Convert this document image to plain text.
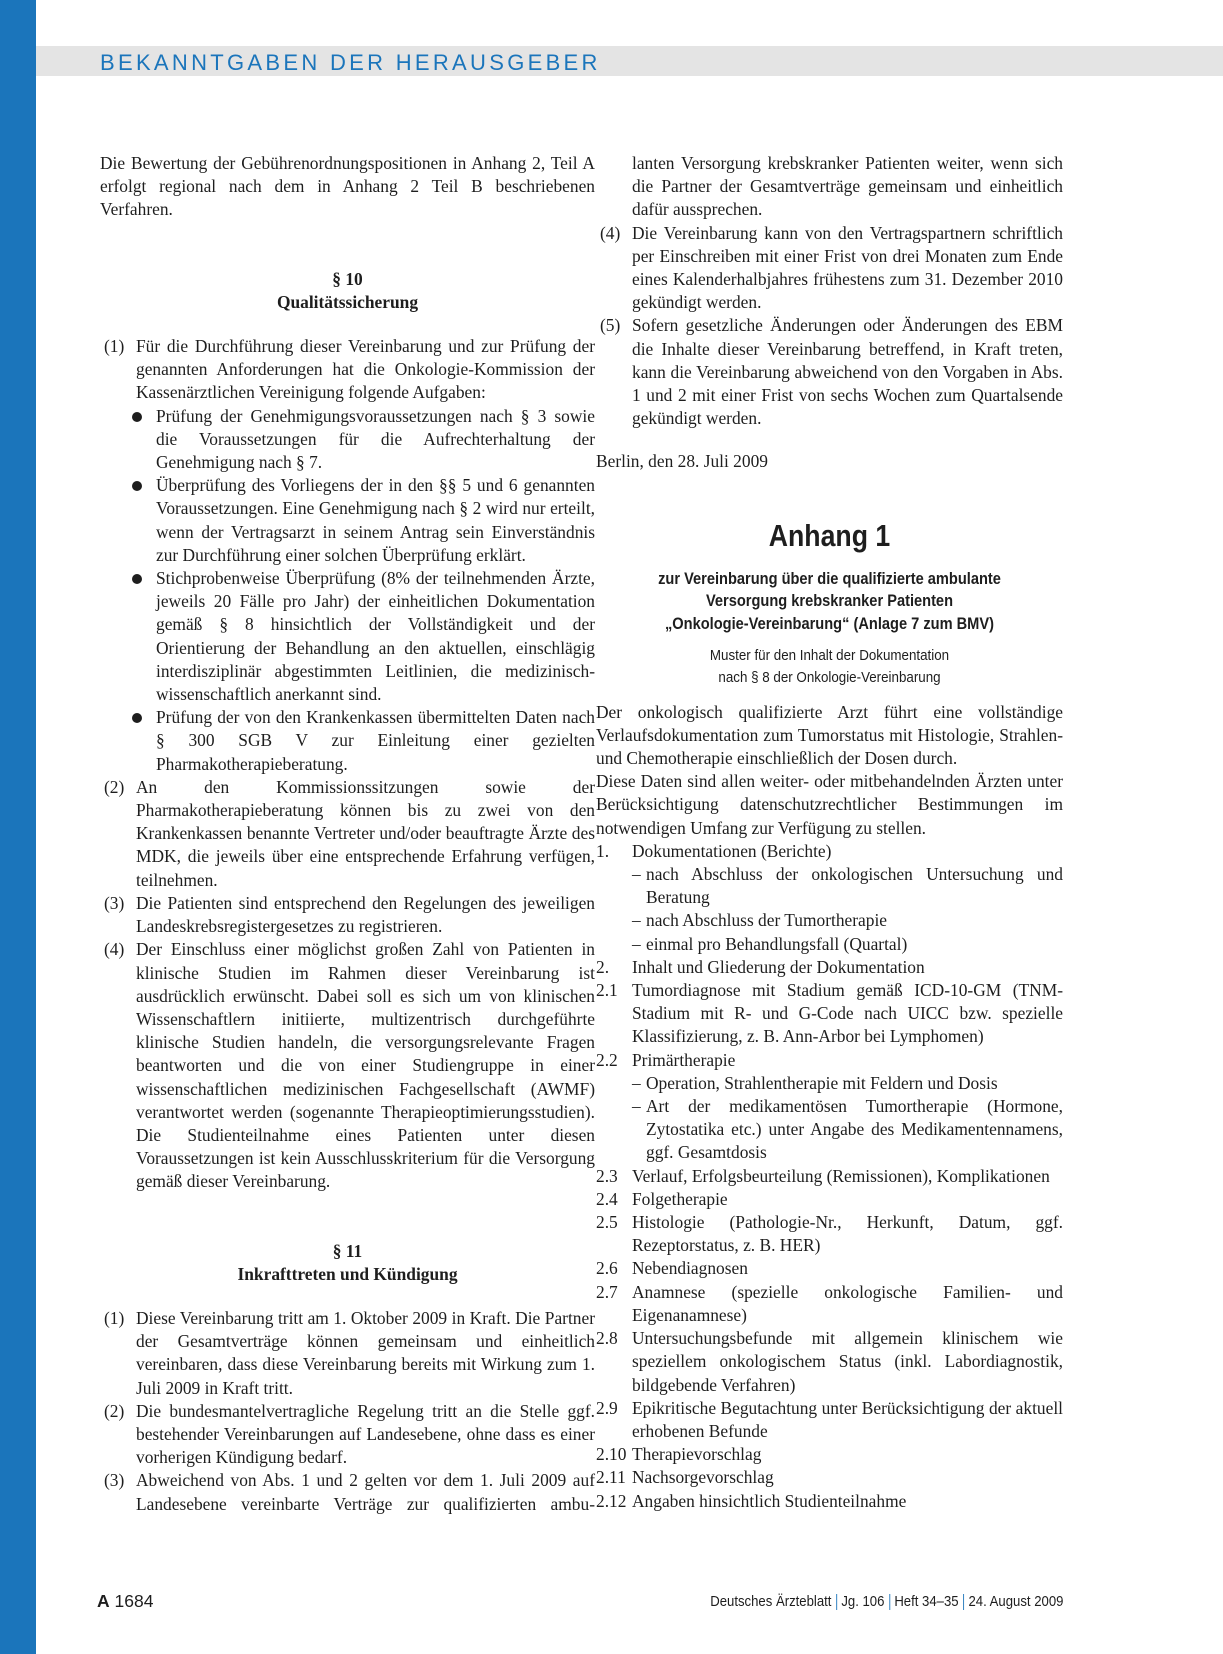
BEKANNTGABEN DER HERAUSGEBER

Die Bewertung der Gebührenordnungspositionen in Anhang 2, Teil A erfolgt regional nach dem in Anhang 2 Teil B beschriebenen Verfahren.

§ 10

Qualitätssicherung

(1) Für die Durchführung dieser Vereinbarung und zur Prüfung der genannten Anforderungen hat die Onkologie-Kommission der Kassenärztlichen Vereinigung folgende Aufgaben:

Prüfung der Genehmigungsvoraussetzungen nach § 3 sowie die Voraussetzungen für die Aufrechterhaltung der Genehmigung nach § 7.

Überprüfung des Vorliegens der in den §§ 5 und 6 genannten Voraussetzungen. Eine Genehmigung nach § 2 wird nur erteilt, wenn der Vertragsarzt in seinem Antrag sein Einverständnis zur Durchführung einer solchen Überprüfung erklärt.

Stichprobenweise Überprüfung (8% der teilnehmenden Ärzte, jeweils 20 Fälle pro Jahr) der einheitlichen Dokumentation gemäß § 8 hinsichtlich der Vollständigkeit und der Orientierung der Behandlung an den aktuellen, einschlägig interdisziplinär abgestimmten Leitlinien, die medizinisch-wissenschaftlich anerkannt sind.

Prüfung der von den Krankenkassen übermittelten Daten nach § 300 SGB V zur Einleitung einer gezielten Pharmakotherapieberatung.

(2) An den Kommissionssitzungen sowie der Pharmakotherapieberatung können bis zu zwei von den Krankenkassen benannte Vertreter und/oder beauftragte Ärzte des MDK, die jeweils über eine entsprechende Erfahrung verfügen, teilnehmen.

(3) Die Patienten sind entsprechend den Regelungen des jeweiligen Landeskrebsregistergesetzes zu registrieren.

(4) Der Einschluss einer möglichst großen Zahl von Patienten in klinische Studien im Rahmen dieser Vereinbarung ist ausdrücklich erwünscht. Dabei soll es sich um von klinischen Wissenschaftlern initiierte, multizentrisch durchgeführte klinische Studien handeln, die versorgungsrelevante Fragen beantworten und die von einer Studiengruppe in einer wissenschaftlichen medizinischen Fachgesellschaft (AWMF) verantwortet werden (sogenannte Therapieoptimierungsstudien). Die Studienteilnahme eines Patienten unter diesen Voraussetzungen ist kein Ausschlusskriterium für die Versorgung gemäß dieser Vereinbarung.

§ 11

Inkrafttreten und Kündigung

(1) Diese Vereinbarung tritt am 1. Oktober 2009 in Kraft. Die Partner der Gesamtverträge können gemeinsam und einheitlich vereinbaren, dass diese Vereinbarung bereits mit Wirkung zum 1. Juli 2009 in Kraft tritt.

(2) Die bundesmantelvertragliche Regelung tritt an die Stelle ggf. bestehender Vereinbarungen auf Landesebene, ohne dass es einer vorherigen Kündigung bedarf.

(3) Abweichend von Abs. 1 und 2 gelten vor dem 1. Juli 2009 auf Landesebene vereinbarte Verträge zur qualifizierten ambu-

lanten Versorgung krebskranker Patienten weiter, wenn sich die Partner der Gesamtverträge gemeinsam und einheitlich dafür aussprechen.

(4) Die Vereinbarung kann von den Vertragspartnern schriftlich per Einschreiben mit einer Frist von drei Monaten zum Ende eines Kalenderhalbjahres frühestens zum 31. Dezember 2010 gekündigt werden.

(5) Sofern gesetzliche Änderungen oder Änderungen des EBM die Inhalte dieser Vereinbarung betreffend, in Kraft treten, kann die Vereinbarung abweichend von den Vorgaben in Abs. 1 und 2 mit einer Frist von sechs Wochen zum Quartalsende gekündigt werden.

Berlin, den 28. Juli 2009

Anhang 1

zur Vereinbarung über die qualifizierte ambulante

Versorgung krebskranker Patienten

„Onkologie-Vereinbarung“ (Anlage 7 zum BMV)

Muster für den Inhalt der Dokumentation

nach § 8 der Onkologie-Vereinbarung

Der onkologisch qualifizierte Arzt führt eine vollständige Verlaufsdokumentation zum Tumorstatus mit Histologie, Strahlen- und Chemotherapie einschließlich der Dosen durch.

Diese Daten sind allen weiter- oder mitbehandelnden Ärzten unter Berücksichtigung datenschutzrechtlicher Bestimmungen im notwendigen Umfang zur Verfügung zu stellen.

1. Dokumentationen (Berichte)

– nach Abschluss der onkologischen Untersuchung und Beratung

– nach Abschluss der Tumortherapie

– einmal pro Behandlungsfall (Quartal)

2. Inhalt und Gliederung der Dokumentation

2.1 Tumordiagnose mit Stadium gemäß ICD-10-GM (TNM-Stadium mit R- und G-Code nach UICC bzw. spezielle Klassifizierung, z. B. Ann-Arbor bei Lymphomen)

2.2 Primärtherapie

– Operation, Strahlentherapie mit Feldern und Dosis

– Art der medikamentösen Tumortherapie (Hormone, Zytostatika etc.) unter Angabe des Medikamentennamens, ggf. Gesamtdosis

2.3 Verlauf, Erfolgsbeurteilung (Remissionen), Komplikationen

2.4 Folgetherapie

2.5 Histologie (Pathologie-Nr., Herkunft, Datum, ggf. Rezeptorstatus, z. B. HER)

2.6 Nebendiagnosen

2.7 Anamnese (spezielle onkologische Familien- und Eigenanamnese)

2.8 Untersuchungsbefunde mit allgemein klinischem wie speziellem onkologischem Status (inkl. Labordiagnostik, bildgebende Verfahren)

2.9 Epikritische Begutachtung unter Berücksichtigung der aktuell erhobenen Befunde

2.10 Therapievorschlag

2.11 Nachsorgevorschlag

2.12 Angaben hinsichtlich Studienteilnahme

A 1684	Deutsches Ärzteblatt Jg. 106 Heft 34–35 24. August 2009
